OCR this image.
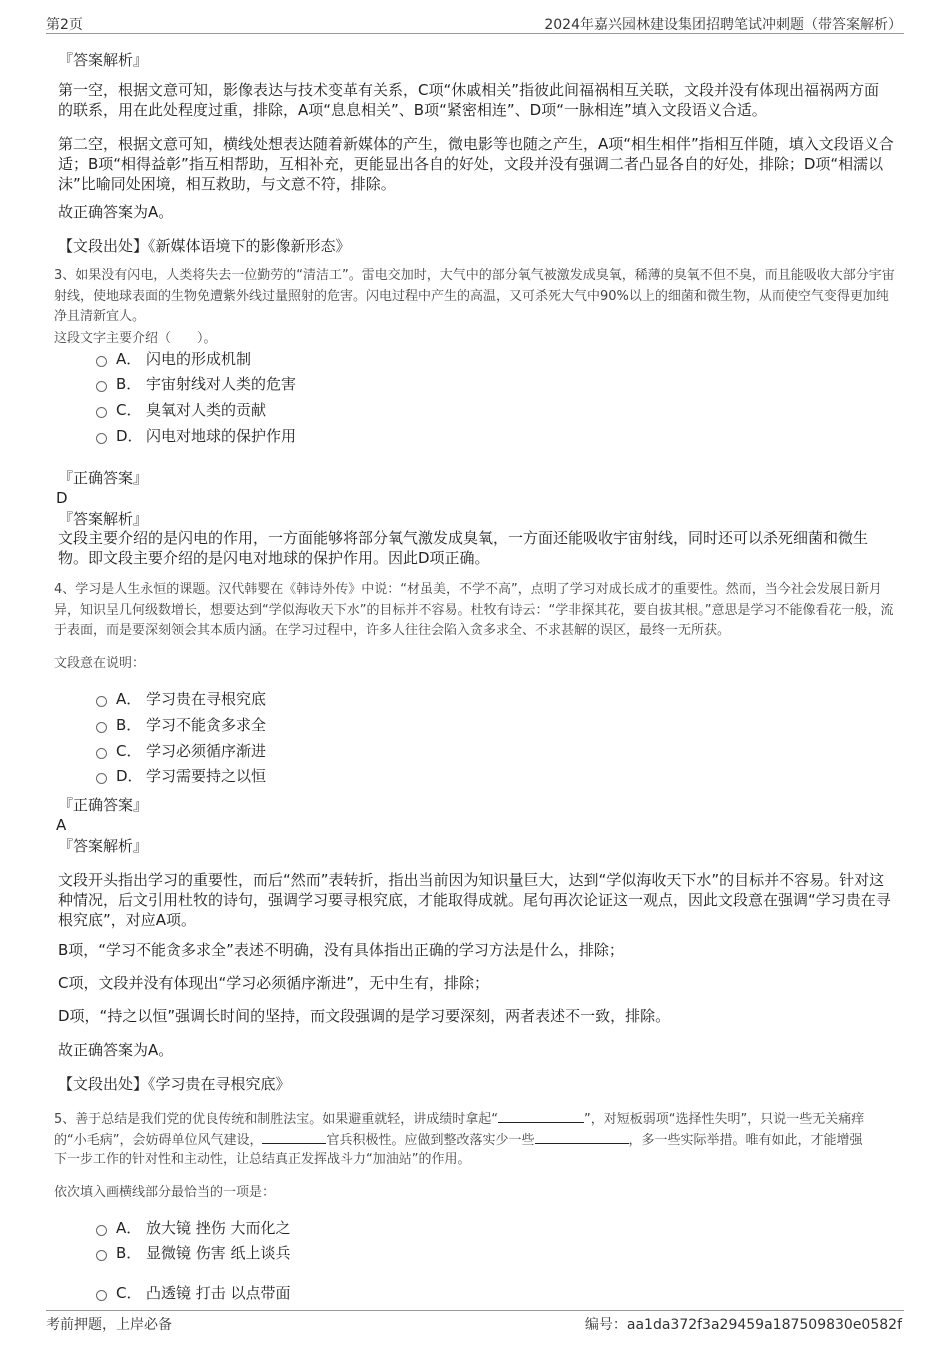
第2页	2024年嘉兴园林建设集团招聘笔试冲刺题（带答案解析）
『答案解析』
第一空，根据文意可知，影像表达与技术变革有关系，C项“休戚相关”指彼此间福祸相互关联，文段并没有体现出福祸两方面的联系，用在此处程度过重，排除，A项“息息相关”、B项“紧密相连”、D项“一脉相连”填入文段语义合适。
第二空，根据文意可知，横线处想表达随着新媒体的产生，微电影等也随之产生，A项“相生相伴”指相互伴随，填入文段语义合适；B项“相得益彰”指互相帮助，互相补充，更能显出各自的好处，文段并没有强调二者凸显各自的好处，排除；D项“相濡以沫”比喻同处困境，相互救助，与文意不符，排除。
故正确答案为A。
【文段出处】《新媒体语境下的影像新形态》
3、如果没有闪电，人类将失去一位勤劳的“清洁工”。雷电交加时，大气中的部分氧气被激发成臭氧，稀薄的臭氧不但不臭，而且能吸收大部分宇宙射线，使地球表面的生物免遭紫外线过量照射的危害。闪电过程中产生的高温，又可杀死大气中90%以上的细菌和微生物，从而使空气变得更加纯净且清新宜人。
这段文字主要介绍（　　）。
A． 闪电的形成机制
B． 宇宙射线对人类的危害
C． 臭氧对人类的贡献
D． 闪电对地球的保护作用
『正确答案』
D
『答案解析』
文段主要介绍的是闪电的作用，一方面能够将部分氧气激发成臭氧，一方面还能吸收宇宙射线，同时还可以杀死细菌和微生物。即文段主要介绍的是闪电对地球的保护作用。因此D项正确。
4、学习是人生永恒的课题。汉代韩婴在《韩诗外传》中说：“材虽美，不学不高”，点明了学习对成长成才的重要性。然而，当今社会发展日新月异，知识呈几何级数增长，想要达到“学似海收天下水”的目标并不容易。杜牧有诗云：“学非探其花，要自拔其根。”意思是学习不能像看花一般，流于表面，而是要深刻领会其本质内涵。在学习过程中，许多人往往会陷入贪多求全、不求甚解的误区，最终一无所获。
文段意在说明：
A． 学习贵在寻根究底
B． 学习不能贪多求全
C． 学习必须循序渐进
D． 学习需要持之以恒
『正确答案』
A
『答案解析』
文段开头指出学习的重要性，而后“然而”表转折，指出当前因为知识量巨大，达到“学似海收天下水”的目标并不容易。针对这种情况，后文引用杜牧的诗句，强调学习要寻根究底，才能取得成就。尾句再次论证这一观点，因此文段意在强调“学习贵在寻根究底”，对应A项。
B项，“学习不能贪多求全”表述不明确，没有具体指出正确的学习方法是什么，排除；
C项，文段并没有体现出“学习必须循序渐进”，无中生有，排除；
D项，“持之以恒”强调长时间的坚持，而文段强调的是学习要深刻，两者表述不一致，排除。
故正确答案为A。
【文段出处】《学习贵在寻根究底》
5、善于总结是我们党的优良传统和制胜法宝。如果避重就轻，讲成绩时拿起“	”，对短板弱项“选择性失明”，只说一些无关痛痒
的“小毛病”，会妨碍单位风气建设，	官兵积极性。应做到整改落实少一些	，多一些实际举措。唯有如此，才能增强
下一步工作的针对性和主动性，让总结真正发挥战斗力“加油站”的作用。
依次填入画横线部分最恰当的一项是：
A． 放大镜 挫伤 大而化之
B． 显微镜 伤害 纸上谈兵
C． 凸透镜 打击 以点带面
考前押题，上岸必备	编号：aa1da372f3a29459a187509830e0582f
